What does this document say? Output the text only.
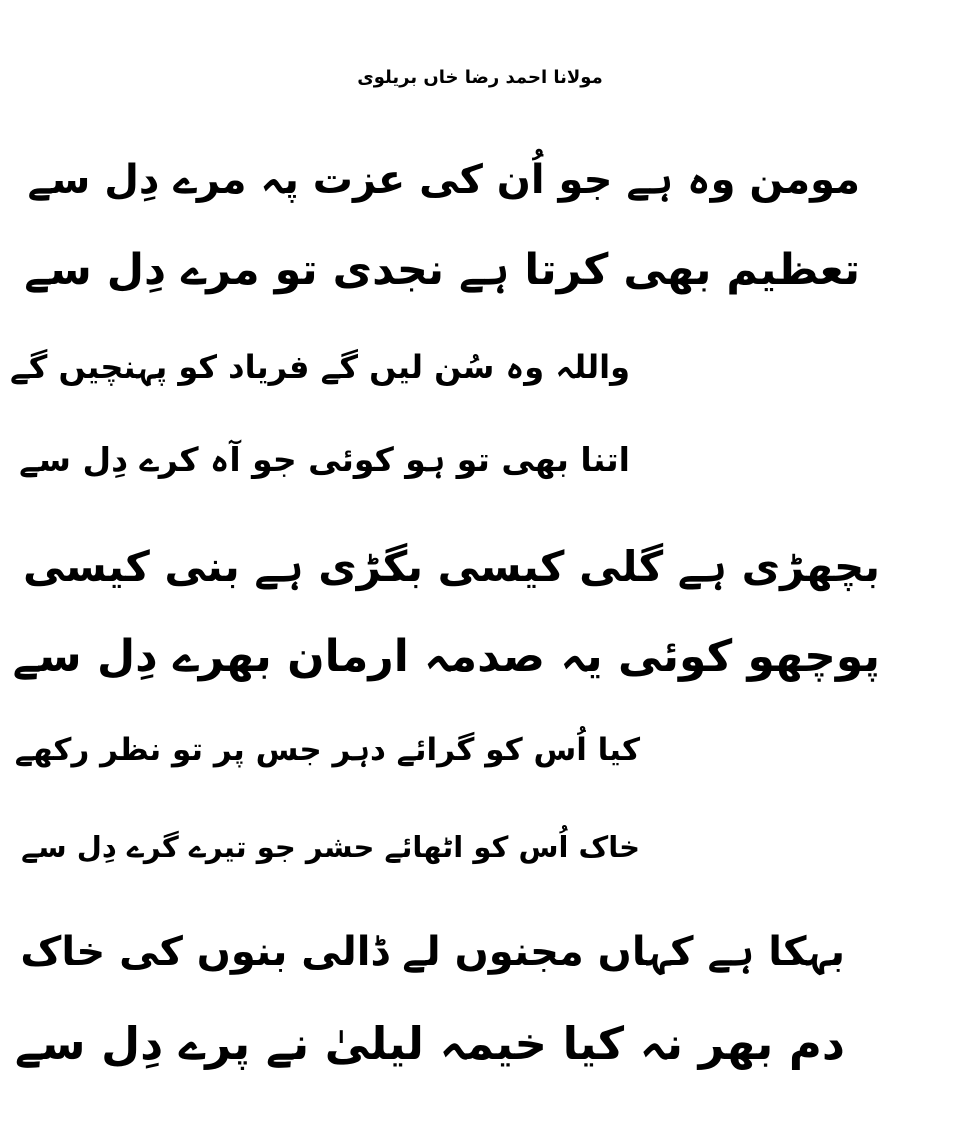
مولانا احمد رضا خاں بریلوی
مومن وہ ہے جو اُن کی عزت پہ مرے دِل سے
تعظیم بھی کرتا ہے نجدی تو مرے دِل سے
واللہ وہ سُن لیں گے فریاد کو پہنچیں گے
اتنا بھی تو ہو کوئی جو آہ کرے دِل سے
بچھڑی ہے گلی کیسی بگڑی ہے بنی کیسی
پوچھو کوئی یہ صدمہ ارمان بھرے دِل سے
کیا اُس کو گرائے دہر جس پر تو نظر رکھے
خاک اُس کو اٹھائے حشر جو تیرے گرے دِل سے
بہکا ہے کہاں مجنوں لے ڈالی بنوں کی خاک
دم بھر نہ کیا خیمہ لیلیٰ نے پرے دِل سے
